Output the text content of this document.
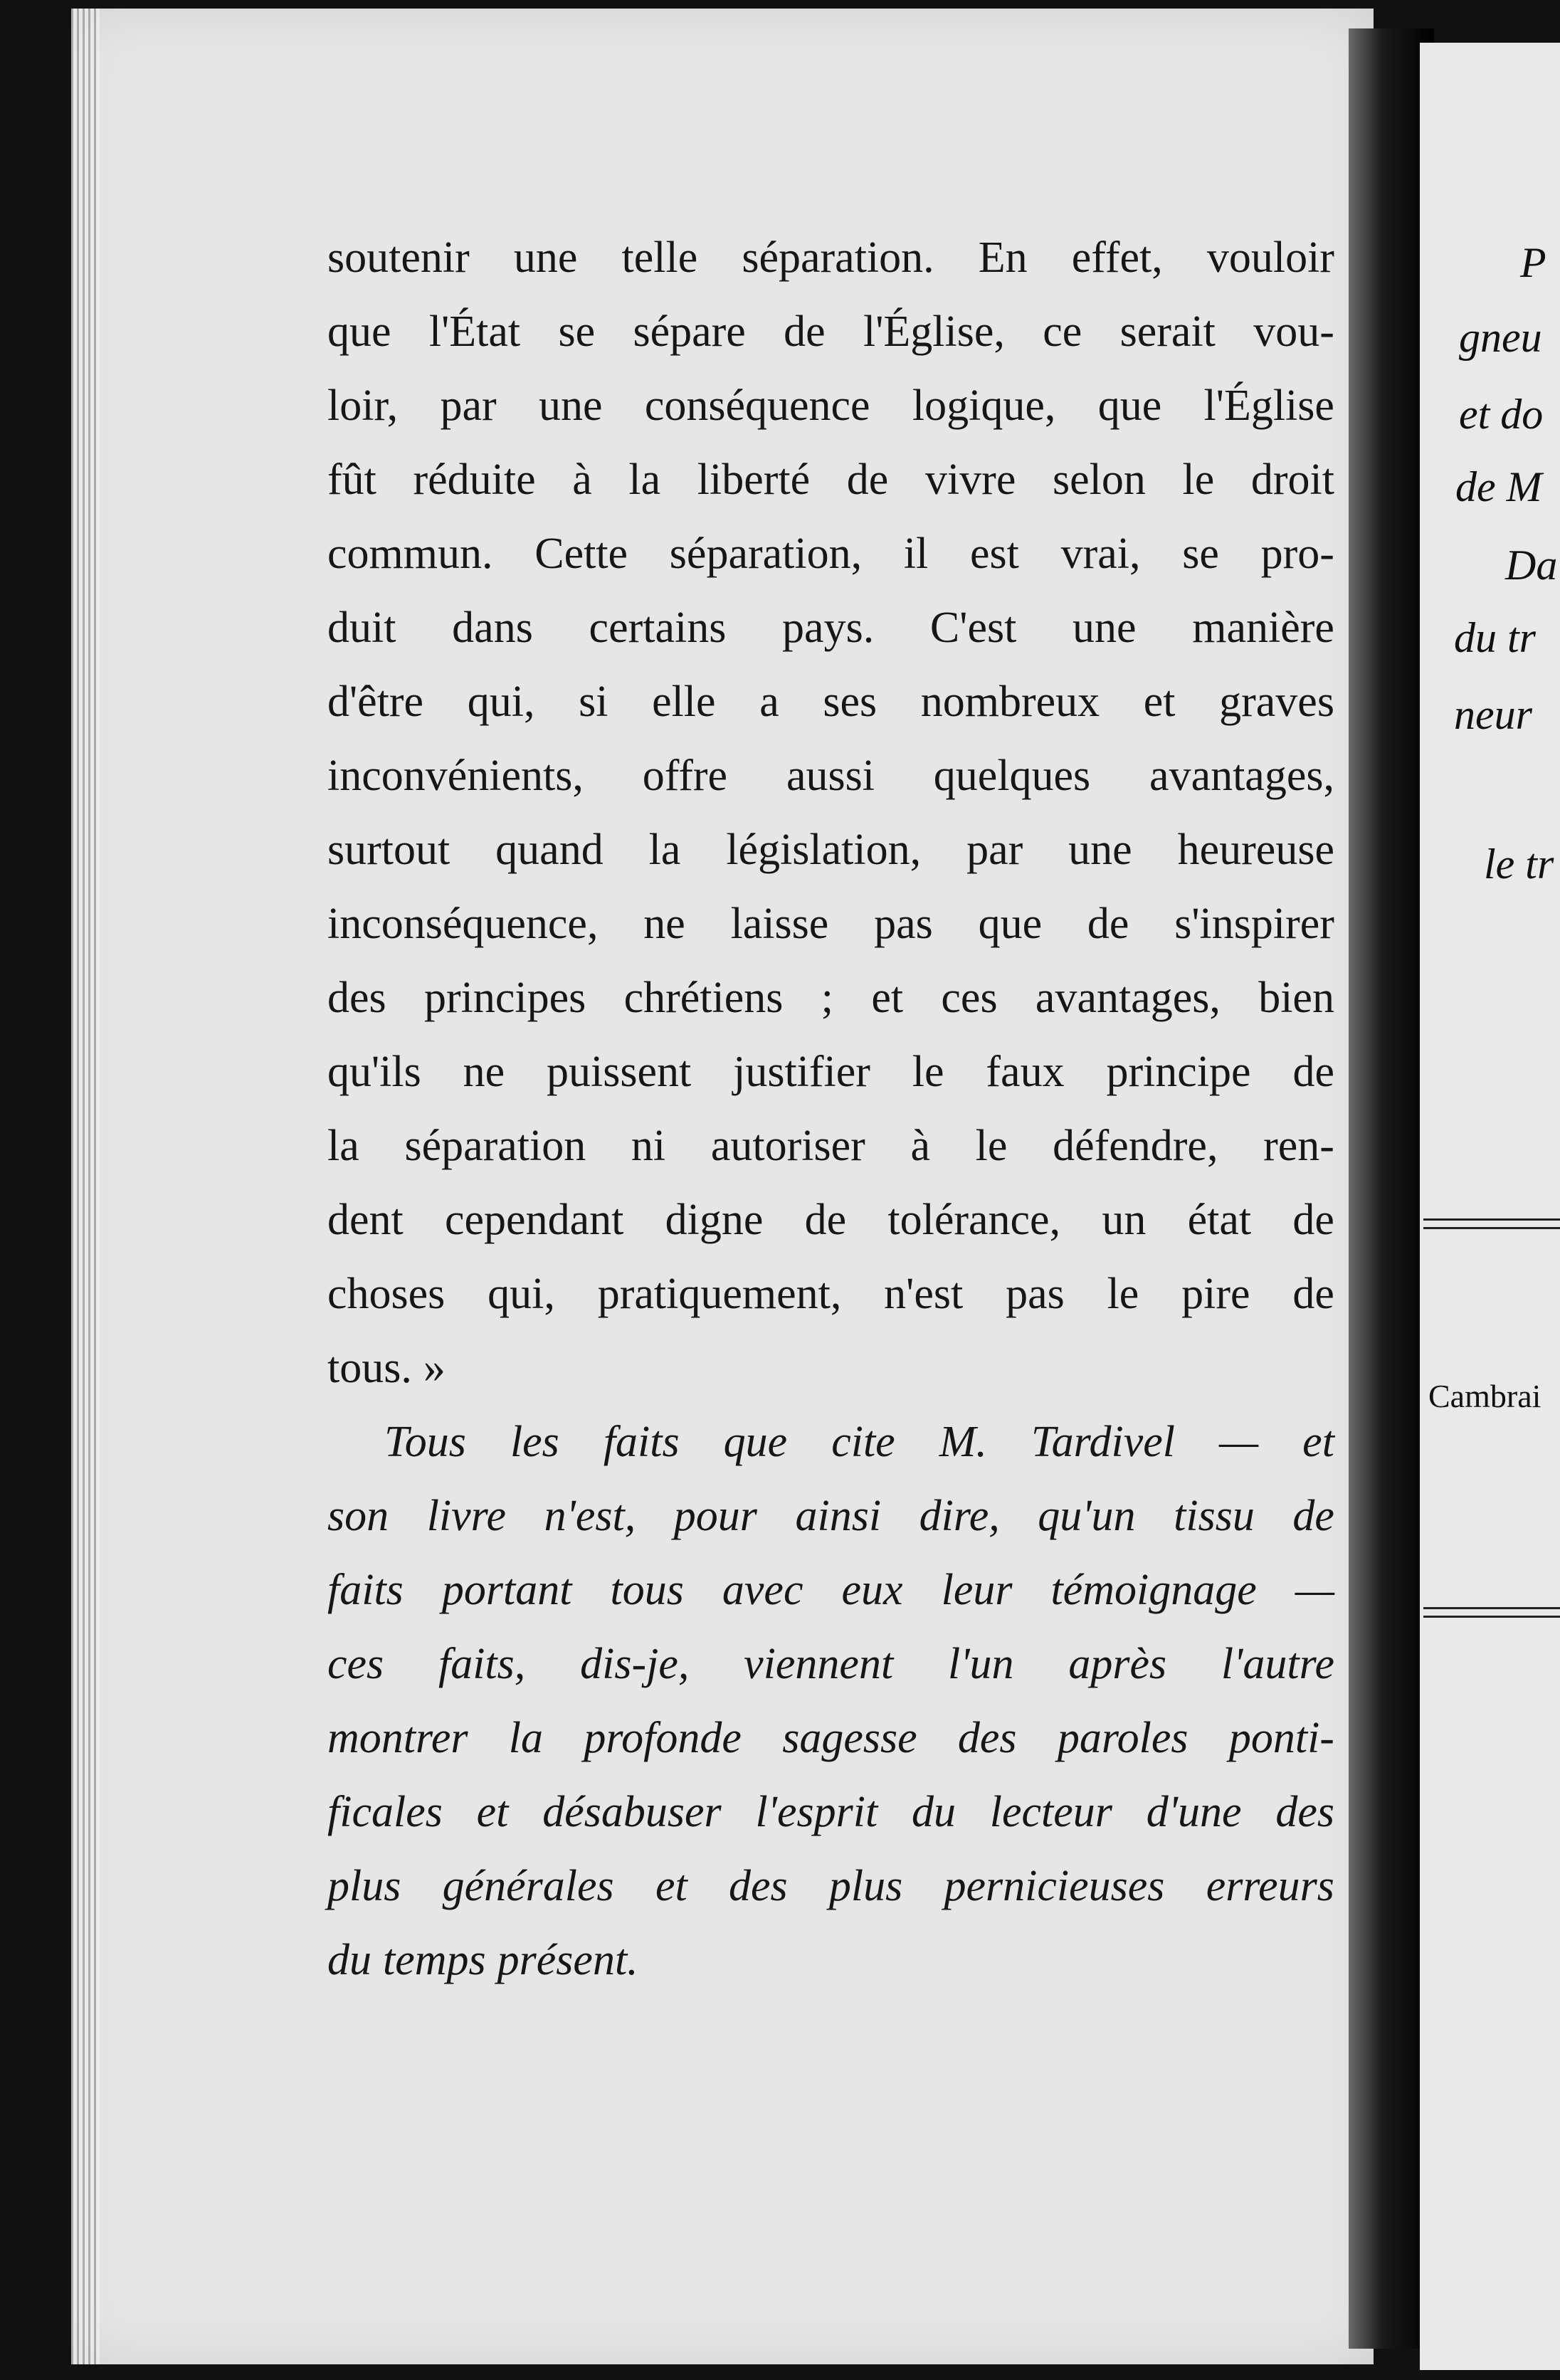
soutenir une telle séparation. En effet, vouloir
que l'État se sépare de l'Église, ce serait vou-
loir, par une conséquence logique, que l'Église
fût réduite à la liberté de vivre selon le droit
commun. Cette séparation, il est vrai, se pro-
duit dans certains pays. C'est une manière
d'être qui, si elle a ses nombreux et graves
inconvénients, offre aussi quelques avantages,
surtout quand la législation, par une heureuse
inconséquence, ne laisse pas que de s'inspirer
des principes chrétiens ; et ces avantages, bien
qu'ils ne puissent justifier le faux principe de
la séparation ni autoriser à le défendre, ren-
dent cependant digne de tolérance, un état de
choses qui, pratiquement, n'est pas le pire de
tous. »
Tous les faits que cite M. Tardivel — et
son livre n'est, pour ainsi dire, qu'un tissu de
faits portant tous avec eux leur témoignage —
ces faits, dis-je, viennent l'un après l'autre
montrer la profonde sagesse des paroles ponti-
ficales et désabuser l'esprit du lecteur d'une des
plus générales et des plus pernicieuses erreurs
du temps présent.
P
gneu
et do
de M
Da
du tr
neur
le tr
Cambrai
